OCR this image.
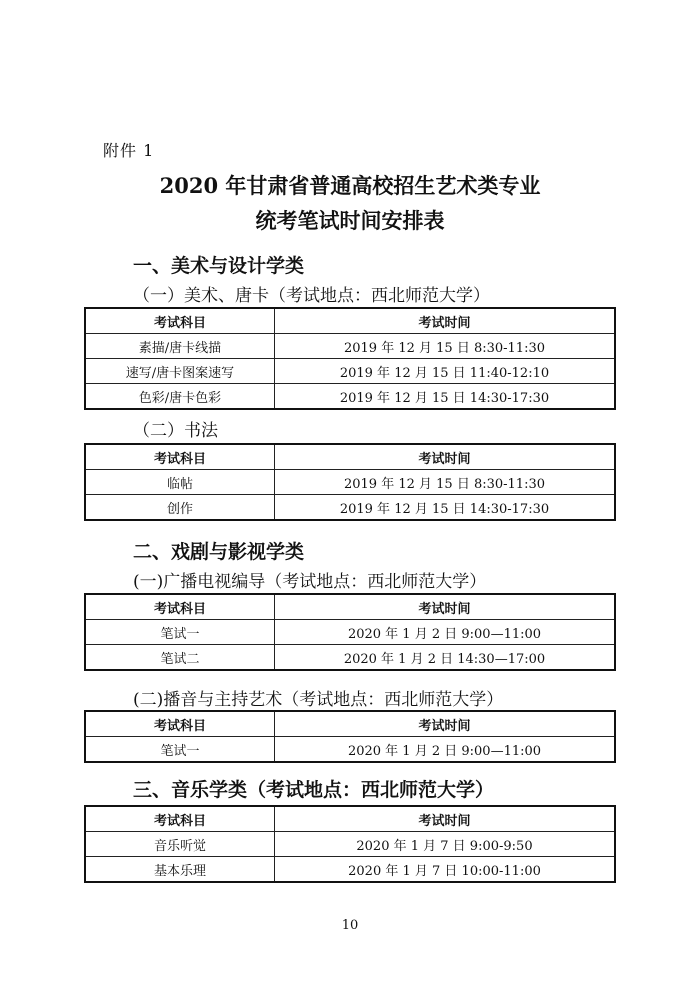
附件 1
2020 年甘肃省普通高校招生艺术类专业
统考笔试时间安排表
一、美术与设计学类
（一）美术、唐卡（考试地点：西北师范大学）
考试科目	考试时间
素描/唐卡线描	2019 年 12 月 15 日 8:30-11:30
速写/唐卡图案速写	2019 年 12 月 15 日 11:40-12:10
色彩/唐卡色彩	2019 年 12 月 15 日 14:30-17:30
（二）书法
考试科目	考试时间
临帖	2019 年 12 月 15 日 8:30-11:30
创作	2019 年 12 月 15 日 14:30-17:30
二、戏剧与影视学类
(一)广播电视编导（考试地点：西北师范大学）
考试科目	考试时间
笔试一	2020 年 1 月 2 日 9:00—11:00
笔试二	2020 年 1 月 2 日 14:30—17:00
(二)播音与主持艺术（考试地点：西北师范大学）
考试科目	考试时间
笔试一	2020 年 1 月 2 日 9:00—11:00
三、音乐学类（考试地点：西北师范大学）
考试科目	考试时间
音乐听觉	2020 年 1 月 7 日 9:00-9:50
基本乐理	2020 年 1 月 7 日 10:00-11:00
10
